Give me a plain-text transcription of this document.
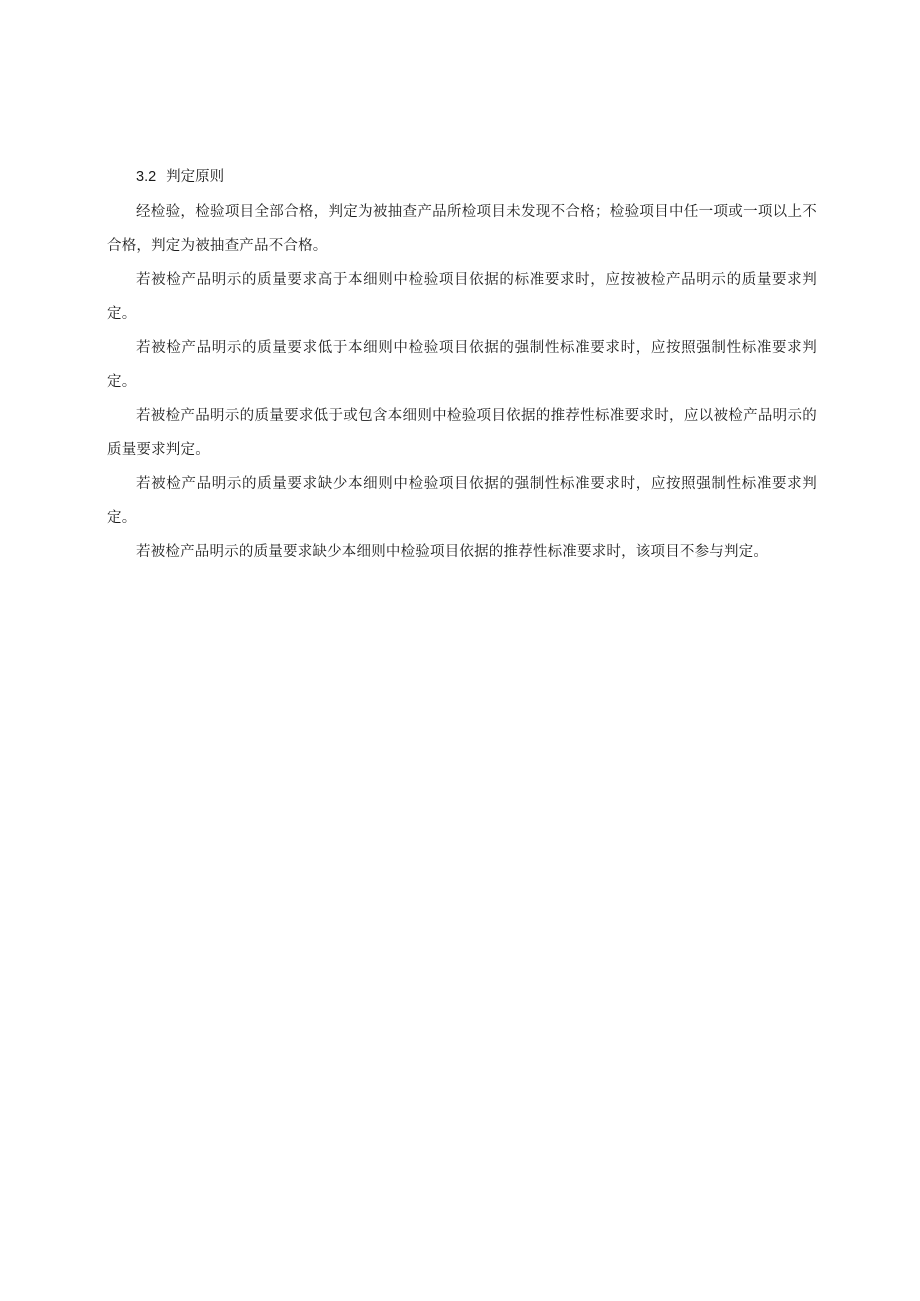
3.2 判定原则

经检验，检验项目全部合格，判定为被抽查产品所检项目未发现不合格；检验项目中任一项或一项以上不合格，判定为被抽查产品不合格。

若被检产品明示的质量要求高于本细则中检验项目依据的标准要求时，应按被检产品明示的质量要求判定。

若被检产品明示的质量要求低于本细则中检验项目依据的强制性标准要求时，应按照强制性标准要求判定。

若被检产品明示的质量要求低于或包含本细则中检验项目依据的推荐性标准要求时，应以被检产品明示的质量要求判定。

若被检产品明示的质量要求缺少本细则中检验项目依据的强制性标准要求时，应按照强制性标准要求判定。

若被检产品明示的质量要求缺少本细则中检验项目依据的推荐性标准要求时，该项目不参与判定。
